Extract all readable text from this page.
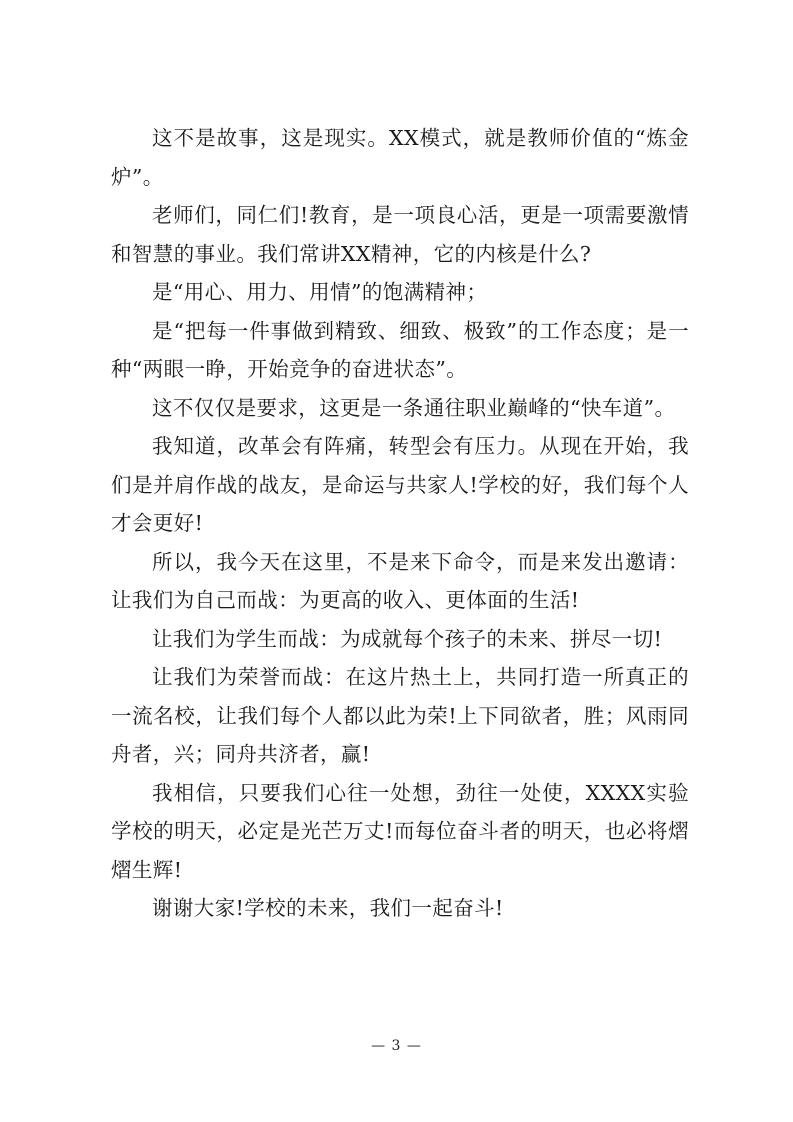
这不是故事，这是现实。XX模式，就是教师价值的“炼金炉”。

老师们，同仁们!教育，是一项良心活，更是一项需要激情和智慧的事业。我们常讲XX精神，它的内核是什么?

是“用心、用力、用情”的饱满精神；

是“把每一件事做到精致、细致、极致”的工作态度；是一种“两眼一睁，开始竞争的奋进状态”。

这不仅仅是要求，这更是一条通往职业巅峰的“快车道”。

我知道，改革会有阵痛，转型会有压力。从现在开始，我们是并肩作战的战友，是命运与共家人!学校的好，我们每个人才会更好!

所以，我今天在这里，不是来下命令，而是来发出邀请：让我们为自己而战：为更高的收入、更体面的生活!

让我们为学生而战：为成就每个孩子的未来、拼尽一切!

让我们为荣誉而战：在这片热土上，共同打造一所真正的一流名校，让我们每个人都以此为荣!上下同欲者，胜；风雨同舟者，兴；同舟共济者，赢!

我相信，只要我们心往一处想，劲往一处使，XXXX实验学校的明天，必定是光芒万丈!而每位奋斗者的明天，也必将熠熠生辉!

谢谢大家!学校的未来，我们一起奋斗!

— 3 —
